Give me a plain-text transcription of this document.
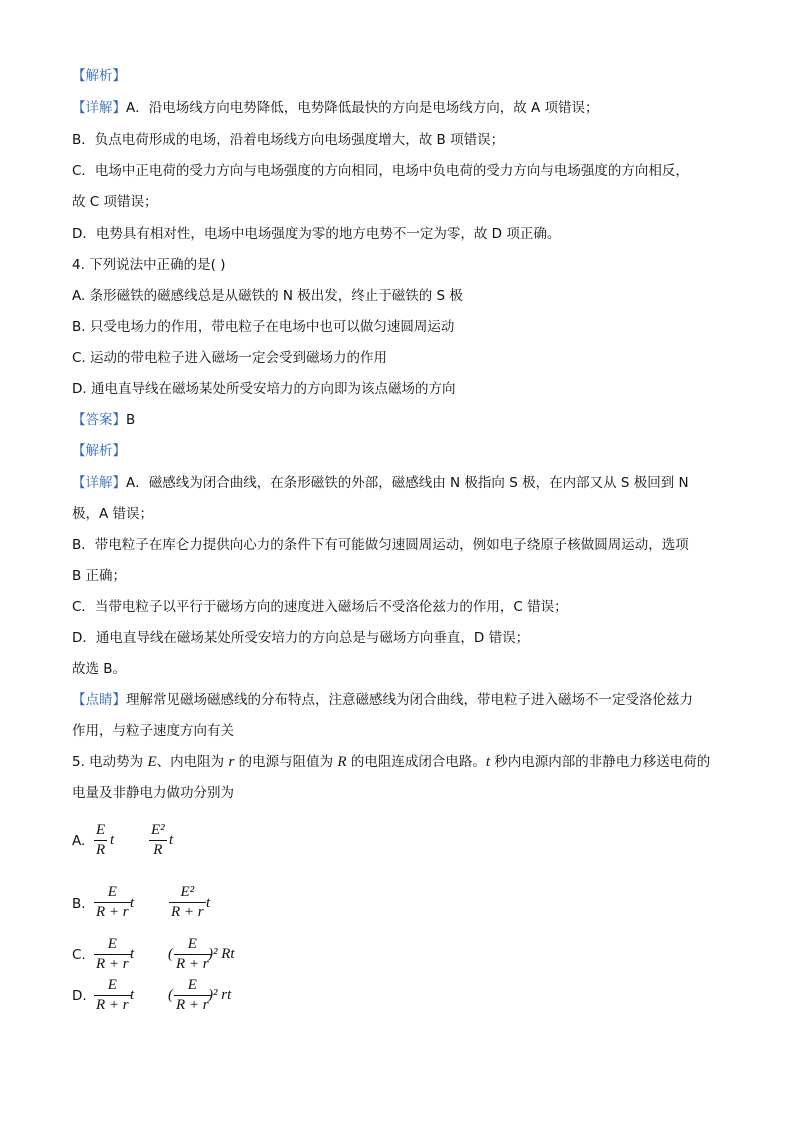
【解析】
【详解】A．沿电场线方向电势降低，电势降低最快的方向是电场线方向，故 A 项错误；
B．负点电荷形成的电场，沿着电场线方向电场强度增大，故 B 项错误；
C．电场中正电荷的受力方向与电场强度的方向相同，电场中负电荷的受力方向与电场强度的方向相反，
故 C 项错误；
D．电势具有相对性，电场中电场强度为零的地方电势不一定为零，故 D 项正确。
4. 下列说法中正确的是( )
A. 条形磁铁的磁感线总是从磁铁的 N 极出发，终止于磁铁的 S 极
B. 只受电场力的作用，带电粒子在电场中也可以做匀速圆周运动
C. 运动的带电粒子进入磁场一定会受到磁场力的作用
D. 通电直导线在磁场某处所受安培力的方向即为该点磁场的方向
【答案】B
【解析】
【详解】A．磁感线为闭合曲线，在条形磁铁的外部，磁感线由 N 极指向 S 极，在内部又从 S 极回到 N
极，A 错误；
B．带电粒子在库仑力提供向心力的条件下有可能做匀速圆周运动，例如电子绕原子核做圆周运动，选项
B 正确；
C．当带电粒子以平行于磁场方向的速度进入磁场后不受洛伦兹力的作用，C 错误；
D．通电直导线在磁场某处所受安培力的方向总是与磁场方向垂直，D 错误；
故选 B。
【点睛】理解常见磁场磁感线的分布特点，注意磁感线为闭合曲线，带电粒子进入磁场不一定受洛伦兹力
作用，与粒子速度方向有关
5. 电动势为 E、内电阻为 r 的电源与阻值为 R 的电阻连成闭合电路。t 秒内电源内部的非静电力移送电荷的
电量及非静电力做功分别为
A.
E
R
t
E²
R
t
B.
E
R + r
t
E²
R + r
t
C.
E
R + r
t (
E
R + r
)² Rt
D.
E
R + r
t (
E
R + r
)² rt
